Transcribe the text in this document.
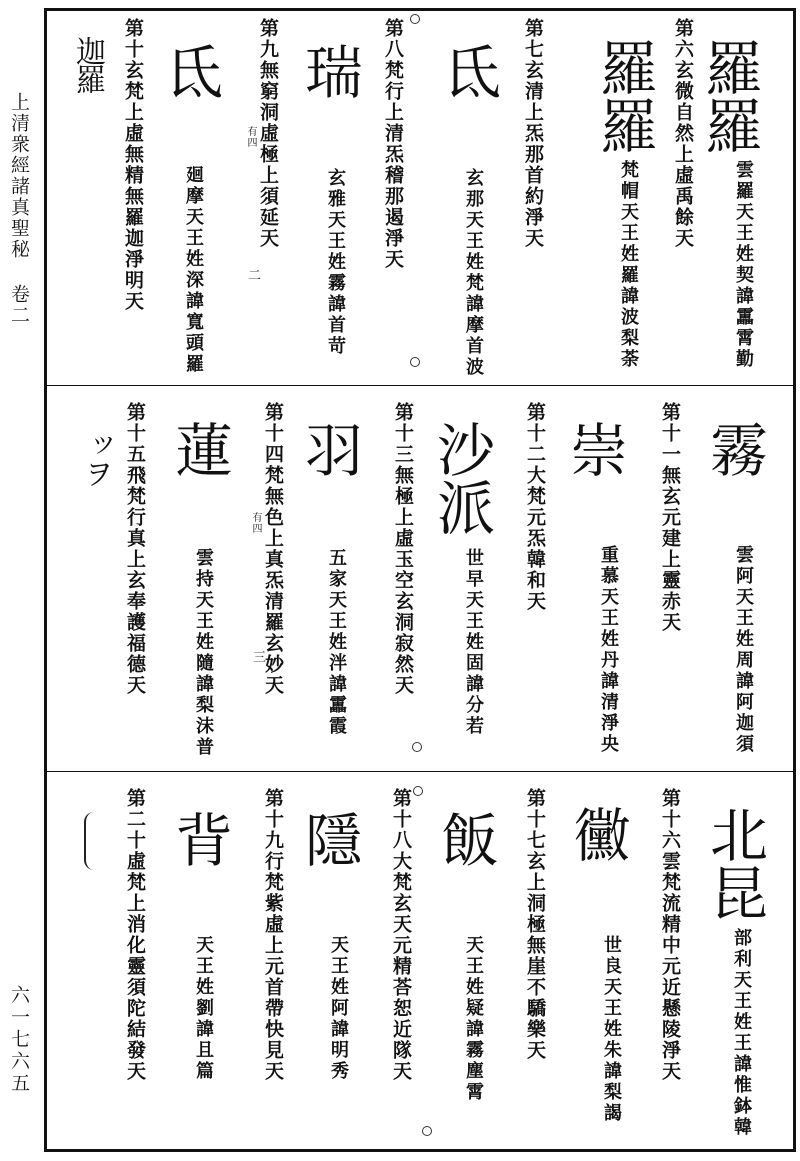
上清衆經諸真聖秘 卷二
六一七六五
羅羅
第六玄微自然上虛禹餘天
雲羅天王姓契諱靁霄勤
梵帽天王姓羅諱波梨荼
羅羅
第七玄清上炁那首約淨天
氐
玄那天王姓梵諱摩首波
第八梵行上清炁稽那遏淨天
瑞
玄雅天王姓霧諱首苛
第九無窮洞虛極上須延天
有四
二
氐
廻摩天王姓深諱寬頭羅
第十玄梵上虛無精無羅迦淨明天
迦羅
霧
第十一無玄元建上靈赤天
雲阿天王姓周諱阿迦須
崇
第十二大梵元炁韓和天
重慕天王姓丹諱清淨央
沙派
第十三無極上虛玉空玄洞寂然天	世早天王姓固諱分若
羽
第十四梵無色上真炁清羅玄妙天
有四
三	五家天王姓泮諱靁霞
蓮
第十五飛梵行真上玄奉護福德天	雲持天王姓隨諱梨沫普
ッヲ
北昆
第十六雲梵流精中元近懸陵淨天	部利天王姓王諱惟鉢韓
黴
第十七玄上洞極無崖不驕樂天	世良天王姓朱諱梨謁
飯
第十八大梵玄天元精荅恕近隊天	天王姓疑諱霧塵霄
隱
第十九行梵紫虛上元首帶快見天 天王姓阿諱明秀
背
第二十虛梵上消化靈須陀結發天	天王姓劉諱且篇
